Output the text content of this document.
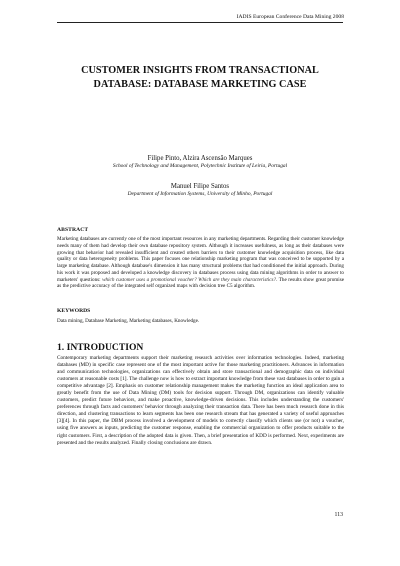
IADIS European Conference Data Mining 2008
CUSTOMER INSIGHTS FROM TRANSACTIONAL
DATABASE: DATABASE MARKETING CASE
Filipe Pinto, Alzira Ascensão Marques
School of Technology and Management, Polytechnic Institute of Leiria, Portugal
Manuel Filipe Santos
Department of Information Systems, University of Minho, Portugal
ABSTRACT
Marketing databases are currently one of the most important resources in any marketing departments. Regarding their customer knowledge needs many of them had develop their own database repository system. Although it increases usefulness, as long as their databases were growing that behavior had revealed insufficient and created others barriers to their customer knowledge acquisition process, like data quality or data heterogeneity problems. This paper focuses one relationship marketing program that was conceived to be supported by a large marketing database. Although database's dimension it has many structural problems that had conditioned the initial approach. During his work it was proposed and developed a knowledge discovery in databases process using data mining algorithms in order to answer to marketers' questions: which customer uses a promotional voucher? Which are they main characteristics?. The results show great promise as the predictive accuracy of the integrated self organized maps with decision tree C5 algorithm.
KEYWORDS
Data mining, Database Marketing, Marketing databases, Knowledge.
1. INTRODUCTION
Contemporary marketing departments support their marketing research activities over information technologies. Indeed, marketing databases (MD) in specific case represent one of the most important active for those marketing practitioners. Advances in information and communication technologies, organizations can effectively obtain and store transactional and demographic data on individual customers at reasonable costs [1]. The challenge now is how to extract important knowledge from these vast databases in order to gain a competitive advantage [2]. Emphasis on customer relationship management makes the marketing function an ideal application area to greatly benefit from the use of Data Mining (DM) tools for decision support. Through DM, organizations can identify valuable customers, predict future behaviors, and make proactive, knowledge-driven decisions. This includes understanding the customers' preferences through facts and customers' behavior through analyzing their transaction data. There has been much research done in this direction, and clustering transactions to learn segments has been one research stream that has generated a variety of useful approaches [3][4]. In this paper, the DBM process involved a development of models to correctly classify which clients use (or not) a voucher, using five answers as inputs, predicting the customer response, enabling the commercial organization to offer products suitable to the right customers. First, a description of the adopted data is given. Then, a brief presentation of KDD is performed. Next, experiments are presented and the results analyzed. Finally closing conclusions are drawn.
113
